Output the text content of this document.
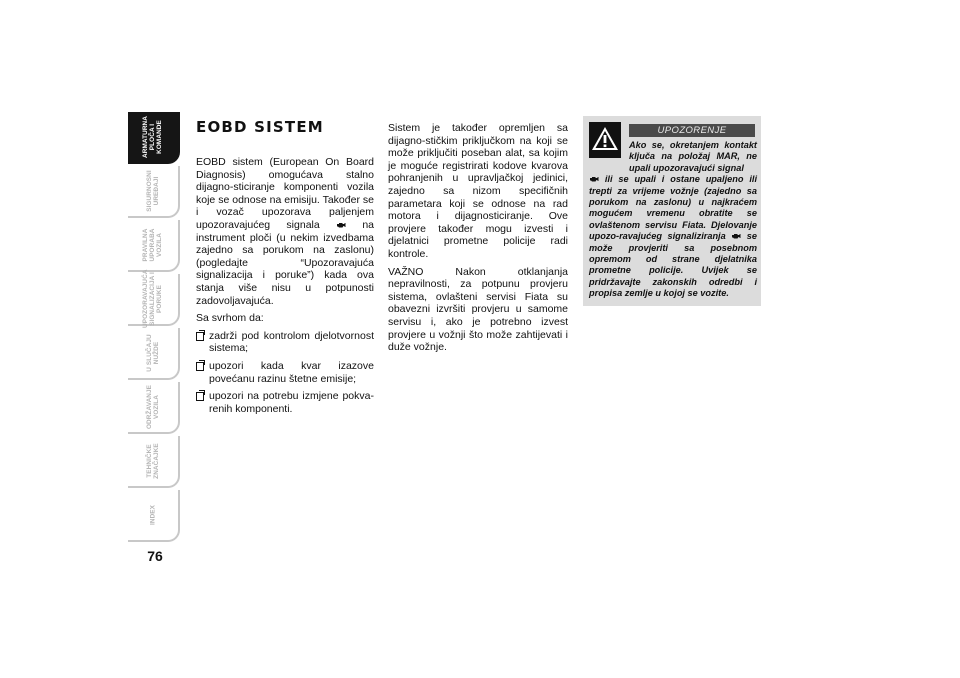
ARMATURNA PLOČA I KOMANDE
SIGURNOSNI UREĐAJI
PRAVILNA UPORABA VOZILA
UPOZORAVAJUĆA SIGNALIZACIJA I PORUKE
U SLUČAJU NUŽDE
ODRŽAVANJE VOZILA
TEHNIČKE ZNAČAJKE
INDEX
76
EOBD SISTEM

EOBD sistem (European On Board Diagnosis) omogućava stalno dijagno-sticiranje komponenti vozila koje se odnose na emisiju. Također se i vozač upozorava paljenjem upozoravajućeg signala	na instrument ploči (u nekim izvedbama zajedno sa porukom na zaslonu) (pogledajte “Upozoravajuća signalizacija i poruke”) kada ova stanja više nisu u potpunosti zadovoljavajuća.

Sa svrhom da:

zadrži pod kontrolom djelotvornost sistema;
upozori kada kvar izazove povećanu razinu štetne emisije;
upozori na potrebu izmjene pokva-renih komponenti.

Sistem je također opremljen sa dijagno-stičkim priključkom na koji se može priključiti poseban alat, sa kojim je moguće registrirati kodove kvarova pohranjenih u upravljačkoj jedinici, zajedno sa nizom specifičnih parametara koji se odnose na rad motora i dijagnosticiranje. Ove provjere također mogu izvesti i djelatnici prometne policije radi kontrole.

VAŽNO Nakon otklanjanja nepravilnosti, za potpunu provjeru sistema, ovlašteni servisi Fiata su obavezni izvršiti provjeru u samome servisu i, ako je potrebno izvest provjere u vožnji što može zahtijevati i duže vožnje.

UPOZORENJE
Ako se, okretanjem kontakt ključa na položaj MAR, ne upali upozoravajući signal
ili se upali i ostane upaljeno ili trepti za vrijeme vožnje (zajedno sa porukom na zaslonu) u najkraćem mogućem vremenu obratite se ovlaštenom servisu Fiata. Djelovanje upozo-ravajućeg signaliziranja se može provjeriti sa posebnom opremom od strane djelatnika prometne policije. Uvijek se pridržavajte zakonskih odredbi i propisa zemlje u kojoj se vozite.
